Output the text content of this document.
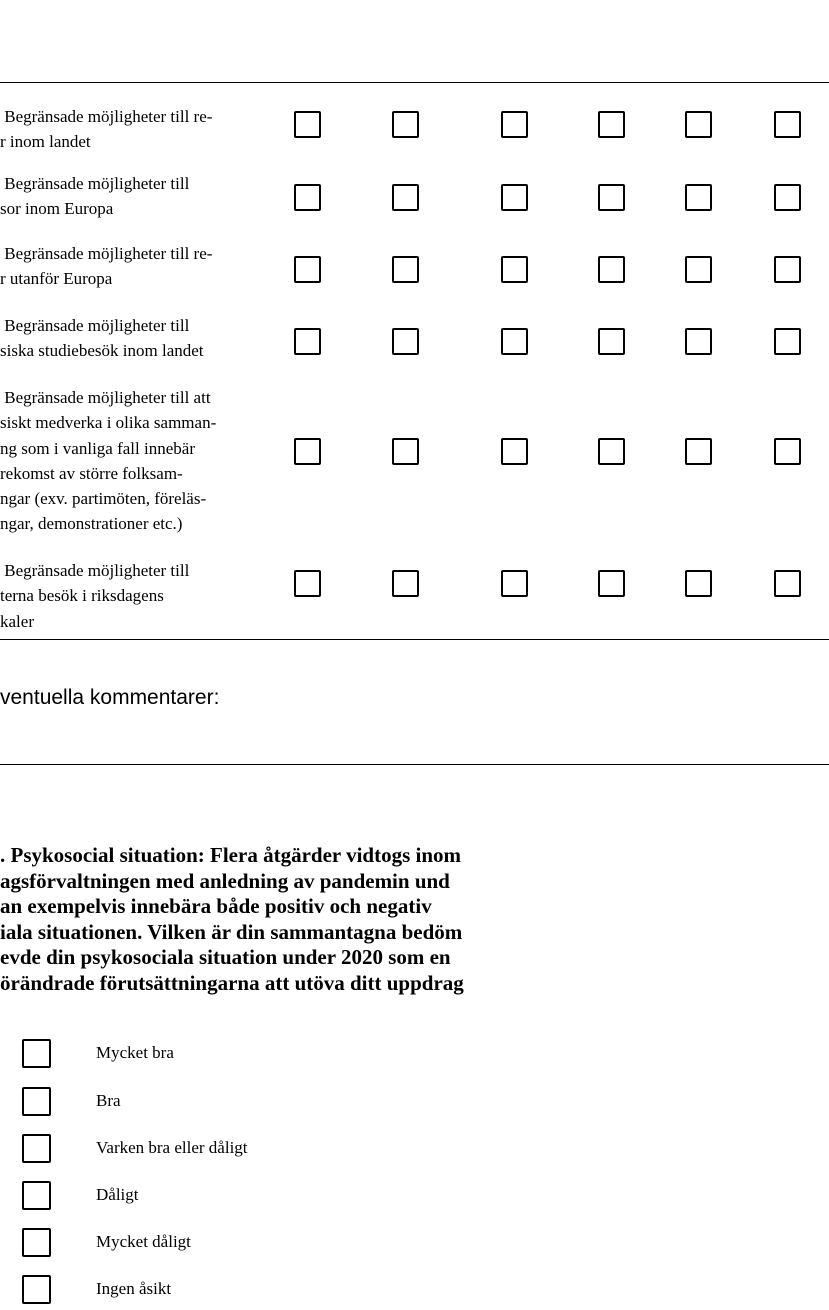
Begränsade möjligheter till re-
r inom landet
Begränsade möjligheter till
sor inom Europa
Begränsade möjligheter till re-
r utanför Europa
Begränsade möjligheter till
siska studiebesök inom landet
Begränsade möjligheter till att
siskt medverka i olika samman-
ng som i vanliga fall innebär
rekomst av större folksam-
ngar (exv. partimöten, föreläs-
ngar, demonstrationer etc.)
Begränsade möjligheter till
terna besök i riksdagens
kaler
ventuella kommentarer:
. Psykosocial situation: Flera åtgärder vidtogs inom
agsförvaltningen med anledning av pandemin und
an exempelvis innebära både positiv och negativ
iala situationen. Vilken är din sammantagna bedöm
evde din psykosociala situation under 2020 som en
örändrade förutsättningarna att utöva ditt uppdrag
Mycket bra
Bra
Varken bra eller dåligt
Dåligt
Mycket dåligt
Ingen åsikt
